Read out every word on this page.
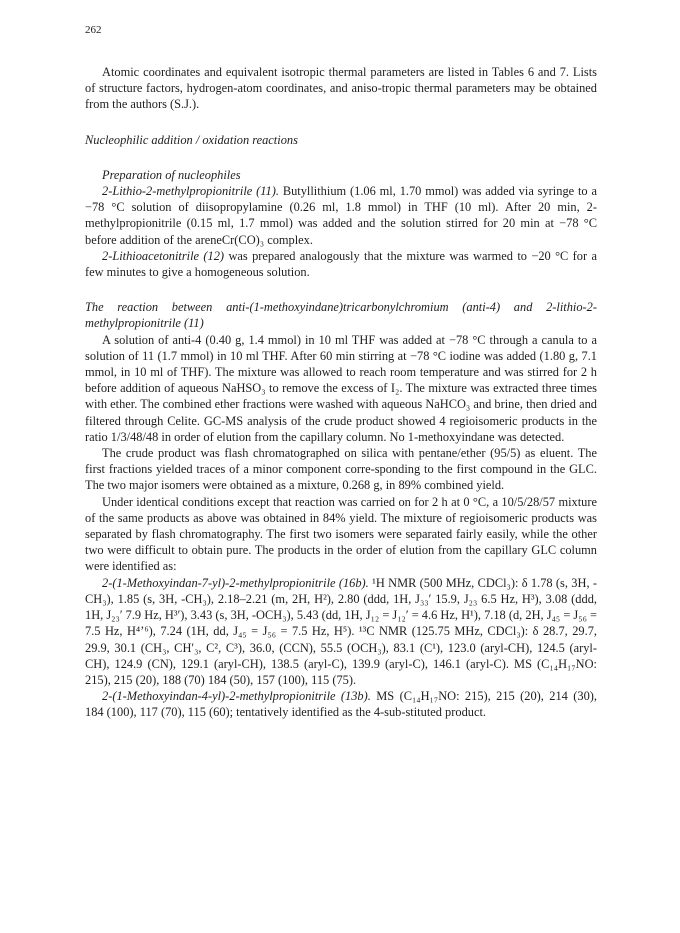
262

Atomic coordinates and equivalent isotropic thermal parameters are listed in Tables 6 and 7. Lists of structure factors, hydrogen-atom coordinates, and aniso-tropic thermal parameters may be obtained from the authors (S.J.).

Nucleophilic addition / oxidation reactions

Preparation of nucleophiles

2-Lithio-2-methylpropionitrile (11). Butyllithium (1.06 ml, 1.70 mmol) was added via syringe to a −78 °C solution of diisopropylamine (0.26 ml, 1.8 mmol) in THF (10 ml). After 20 min, 2-methylpropionitrile (0.15 ml, 1.7 mmol) was added and the solution stirred for 20 min at −78 °C before addition of the areneCr(CO)₃ complex.

2-Lithioacetonitrile (12) was prepared analogously that the mixture was warmed to −20 °C for a few minutes to give a homogeneous solution.

The reaction between anti-(1-methoxyindane)tricarbonylchromium (anti-4) and 2-lithio-2-methylpropionitrile (11)

A solution of anti-4 (0.40 g, 1.4 mmol) in 10 ml THF was added at −78 °C through a canula to a solution of 11 (1.7 mmol) in 10 ml THF. After 60 min stirring at −78 °C iodine was added (1.80 g, 7.1 mmol, in 10 ml of THF). The mixture was allowed to reach room temperature and was stirred for 2 h before addition of aqueous NaHSO₃ to remove the excess of I₂. The mixture was extracted three times with ether. The combined ether fractions were washed with aqueous NaHCO₃ and brine, then dried and filtered through Celite. GC-MS analysis of the crude product showed 4 regioisomeric products in the ratio 1/3/48/48 in order of elution from the capillary column. No 1-methoxyindane was detected.

The crude product was flash chromatographed on silica with pentane/ether (95/5) as eluent. The first fractions yielded traces of a minor component corre-sponding to the first compound in the GLC. The two major isomers were obtained as a mixture, 0.268 g, in 89% combined yield.

Under identical conditions except that reaction was carried on for 2 h at 0 °C, a 10/5/28/57 mixture of the same products as above was obtained in 84% yield. The mixture of regioisomeric products was separated by flash chromatography. The first two isomers were separated fairly easily, while the other two were difficult to obtain pure. The products in the order of elution from the capillary GLC column were identified as:

2-(1-Methoxyindan-7-yl)-2-methylpropionitrile (16b). ¹H NMR (500 MHz, CDCl₃): δ 1.78 (s, 3H, -CH₃), 1.85 (s, 3H, -CH₃), 2.18–2.21 (m, 2H, H²), 2.80 (ddd, 1H, J₃₃′ 15.9, J₂₃ 6.5 Hz, H³), 3.08 (ddd, 1H, J₂₃′ 7.9 Hz, H³′), 3.43 (s, 3H, -OCH₃), 5.43 (dd, 1H, J₁₂ = J₁₂′ = 4.6 Hz, H¹), 7.18 (d, 2H, J₄₅ = J₅₆ = 7.5 Hz, H⁴ʼ⁶), 7.24 (1H, dd, J₄₅ = J₅₆ = 7.5 Hz, H⁵). ¹³C NMR (125.75 MHz, CDCl₃): δ 28.7, 29.7, 29.9, 30.1 (CH₃, CH′₃, C², C³), 36.0, (CCN), 55.5 (OCH₃), 83.1 (C¹), 123.0 (aryl-CH), 124.5 (aryl-CH), 124.9 (CN), 129.1 (aryl-CH), 138.5 (aryl-C), 139.9 (aryl-C), 146.1 (aryl-C). MS (C₁₄H₁₇NO: 215), 215 (20), 188 (70) 184 (50), 157 (100), 115 (75).

2-(1-Methoxyindan-4-yl)-2-methylpropionitrile (13b). MS (C₁₄H₁₇NO: 215), 215 (20), 214 (30), 184 (100), 117 (70), 115 (60); tentatively identified as the 4-sub-stituted product.
